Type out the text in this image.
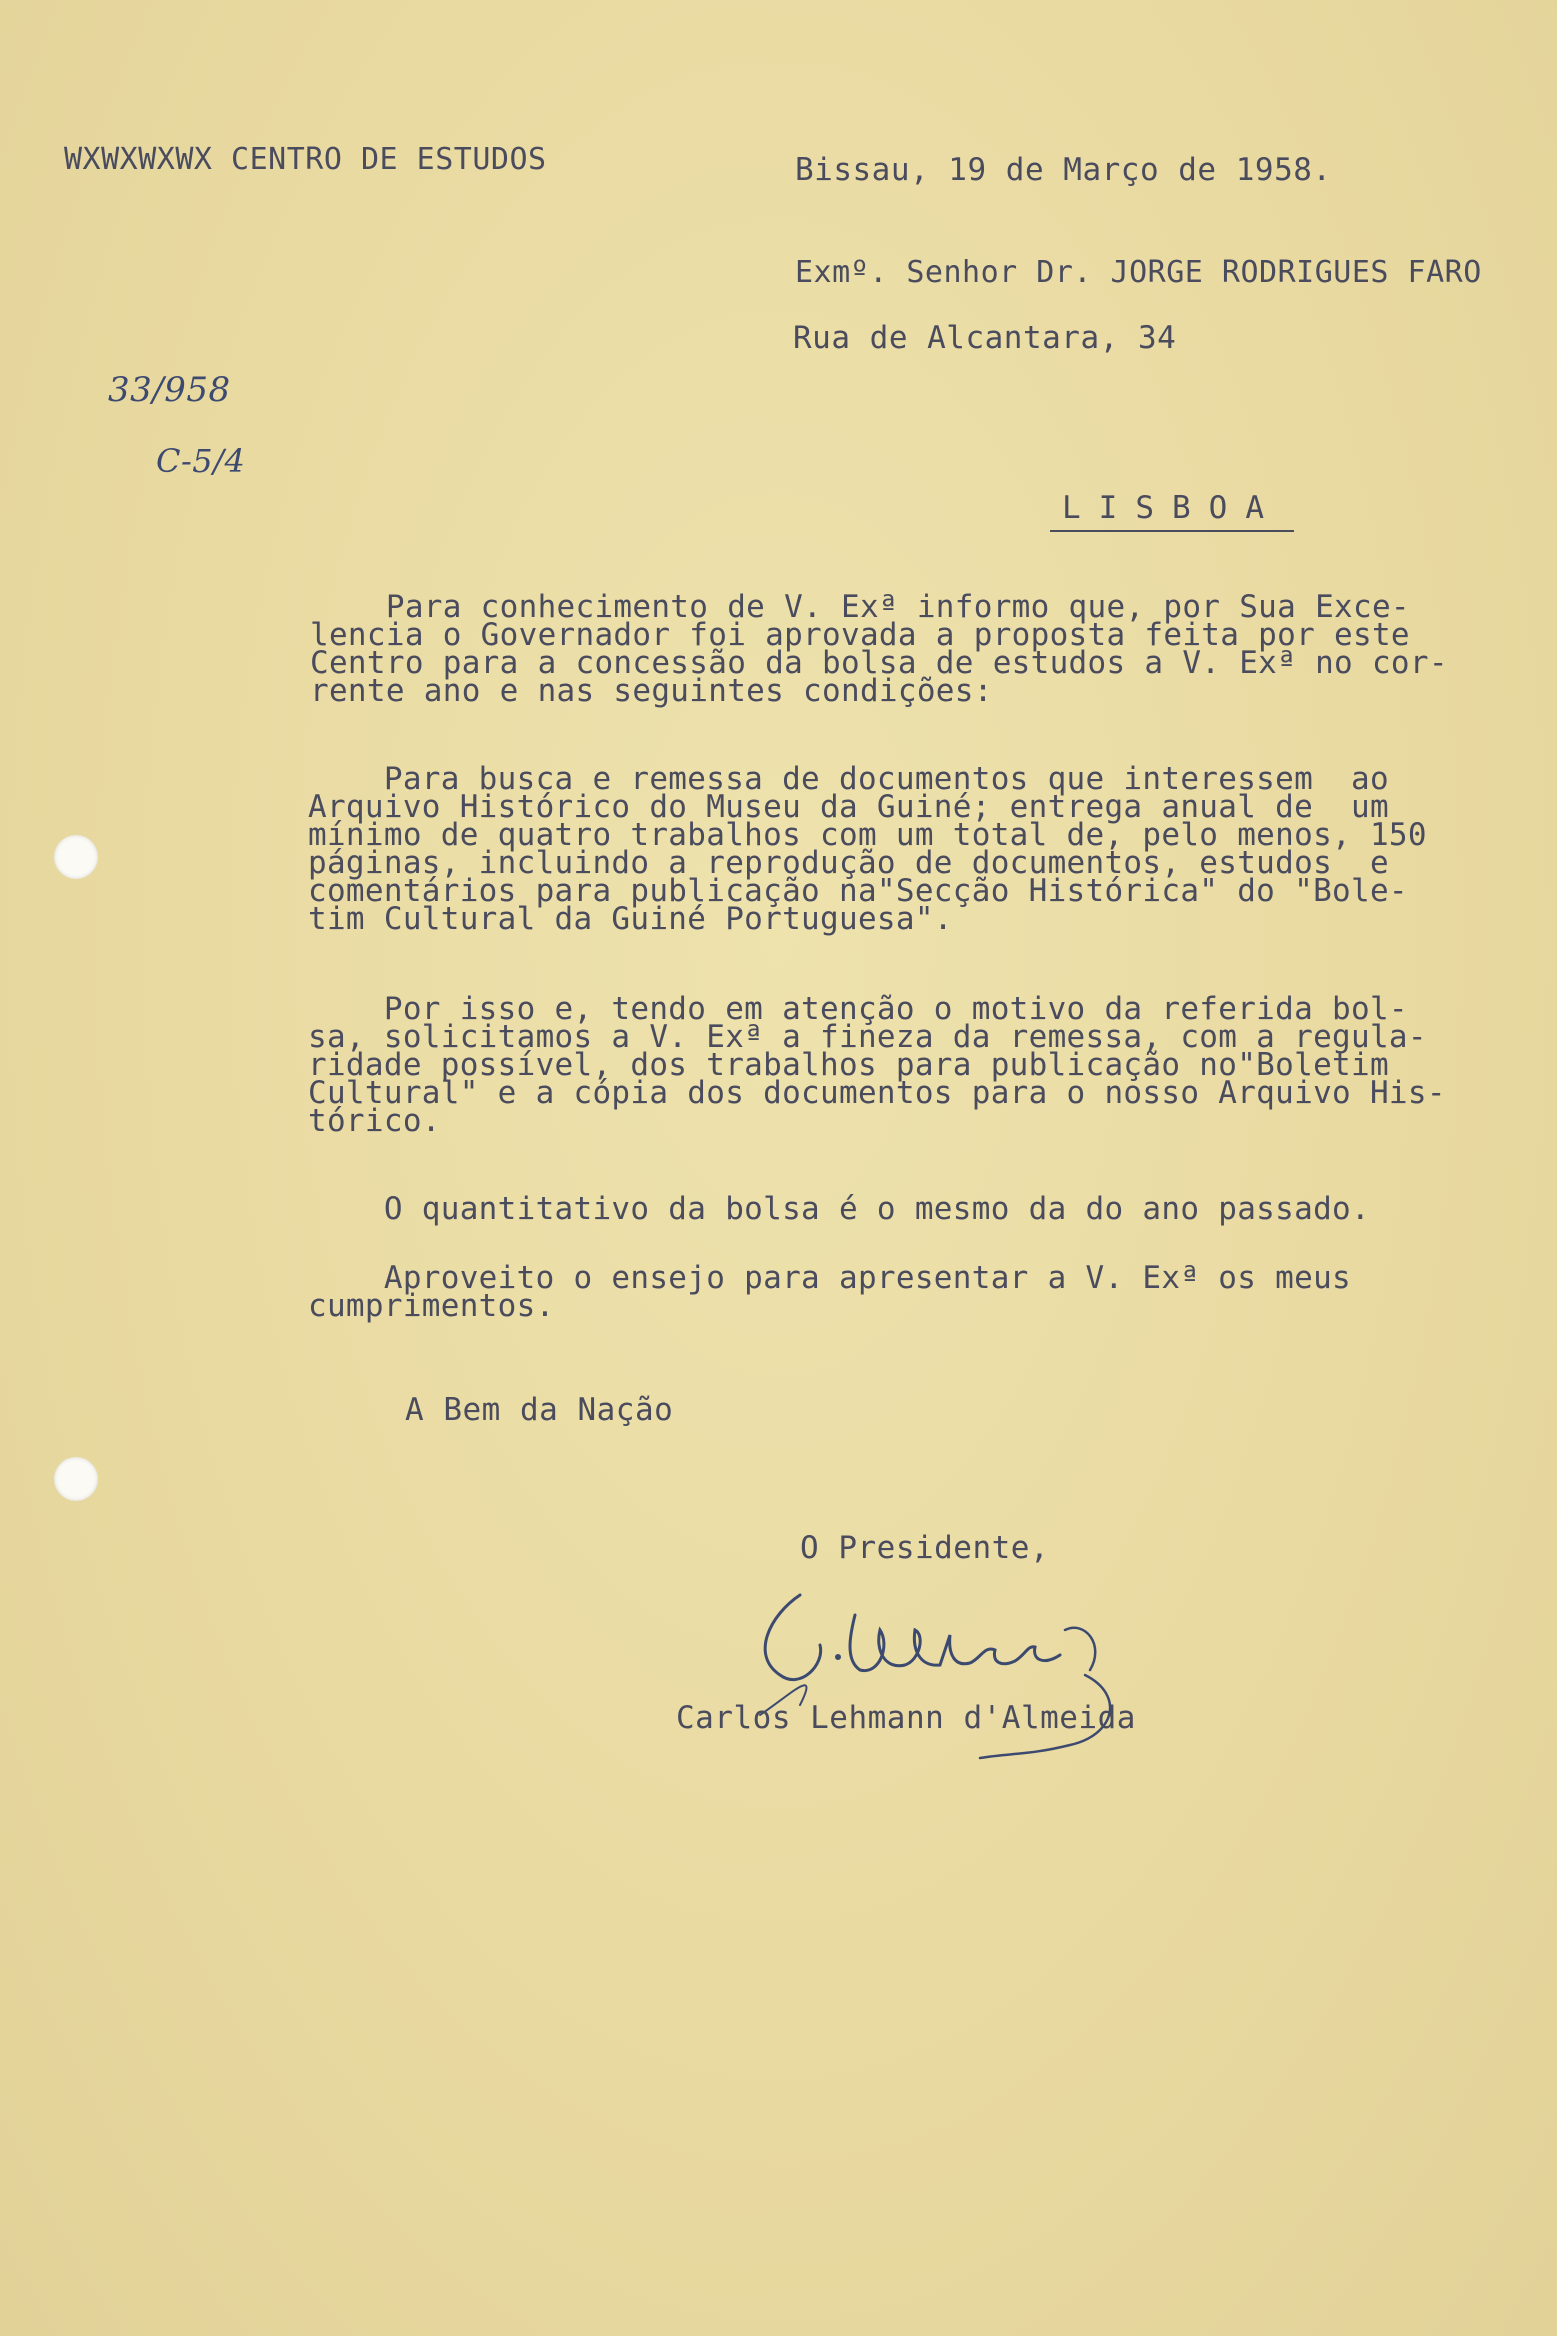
WXWXWXWX CENTRO DE ESTUDOS	Bissau, 19 de Março de 1958.
Exmº. Senhor Dr. JORGE RODRIGUES FARO
Rua de Alcantara, 34
33/958
C-5/4
LISBOA
Para conhecimento de V. Exª informo que, por Sua Exce-
lencia o Governador foi aprovada a proposta feita por este
Centro para a concessão da bolsa de estudos a V. Exª no cor-
rente ano e nas seguintes condições:
Para busca e remessa de documentos que interessem  ao
Arquivo Histórico do Museu da Guiné; entrega anual de  um
mínimo de quatro trabalhos com um total de, pelo menos, 150
páginas, incluindo a reprodução de documentos, estudos  e
comentários para publicação na"Secção Histórica" do "Bole-
tim Cultural da Guiné Portuguesa".
Por isso e, tendo em atenção o motivo da referida bol-
sa, solicitamos a V. Exª a fineza da remessa, com a regula-
ridade possível, dos trabalhos para publicação no"Boletim
Cultural" e a cópia dos documentos para o nosso Arquivo His-
tórico.
O quantitativo da bolsa é o mesmo da do ano passado.
Aproveito o ensejo para apresentar a V. Exª os meus
cumprimentos.
A Bem da Nação
O Presidente,
Carlos Lehmann d'Almeida
